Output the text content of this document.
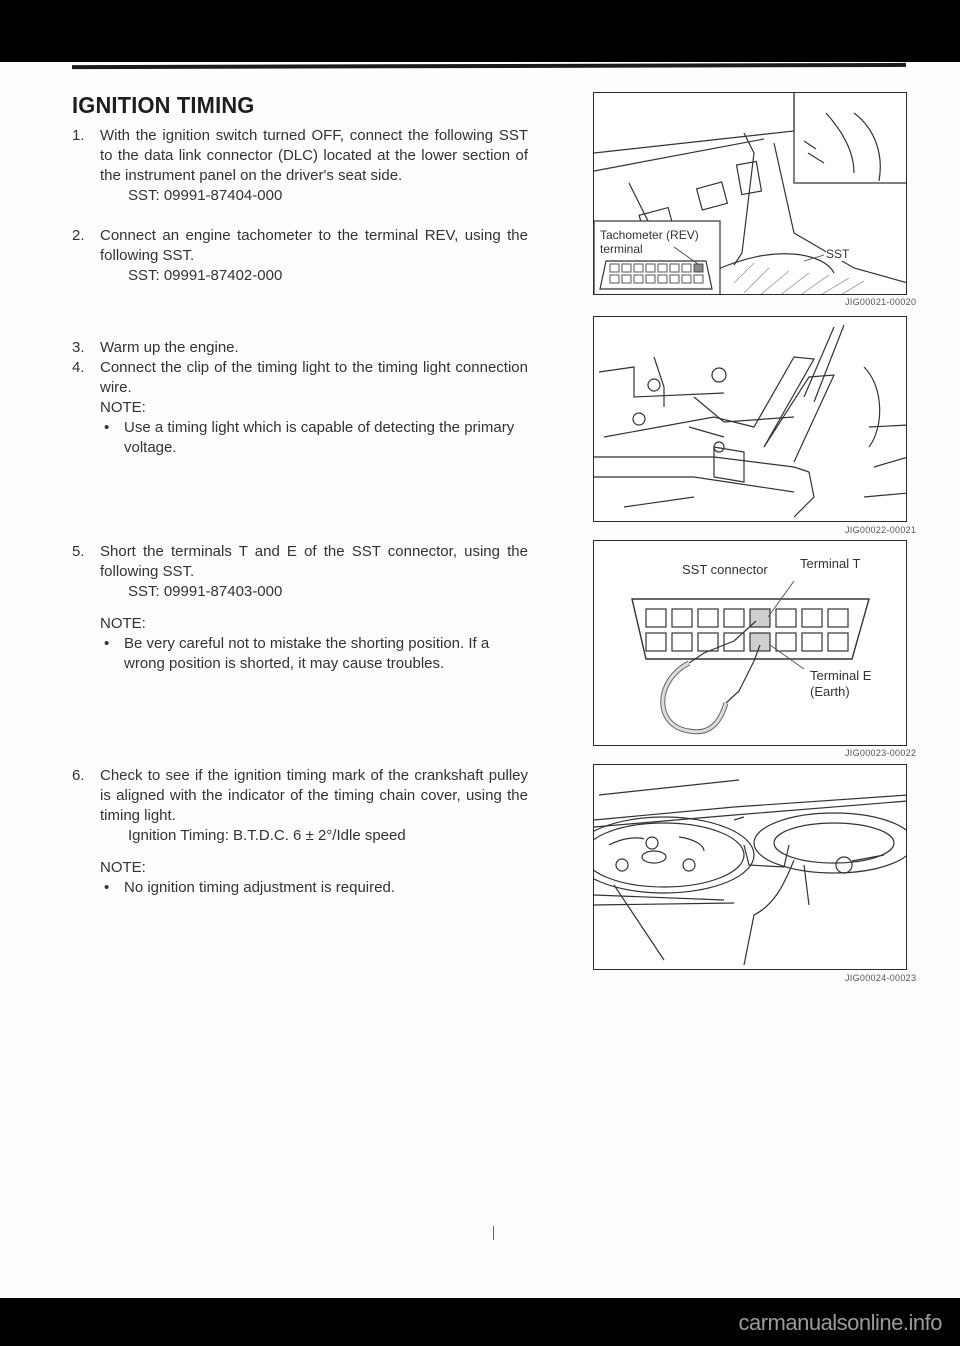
IGNITION TIMING
1. With the ignition switch turned OFF, connect the following SST to the data link connector (DLC) located at the lower section of the instrument panel on the driver's seat side.
SST: 09991-87404-000
2. Connect an engine tachometer to the terminal REV, using the following SST.
SST: 09991-87402-000
3. Warm up the engine.
4. Connect the clip of the timing light to the timing light connection wire.
NOTE:
• Use a timing light which is capable of detecting the primary voltage.
5. Short the terminals T and E of the SST connector, using the following SST.
SST: 09991-87403-000
NOTE:
• Be very careful not to mistake the shorting position. If a wrong position is shorted, it may cause troubles.
6. Check to see if the ignition timing mark of the crankshaft pulley is aligned with the indicator of the timing chain cover, using the timing light.
Ignition Timing: B.T.D.C. 6 ± 2°/Idle speed
NOTE:
• No ignition timing adjustment is required.
Tachometer (REV)
terminal	SST
JIG00021-00020
JIG00022-00021
SST connector Terminal T
Terminal E
(Earth)
JIG00023-00022
JIG00024-00023
carmanualsonline.info
